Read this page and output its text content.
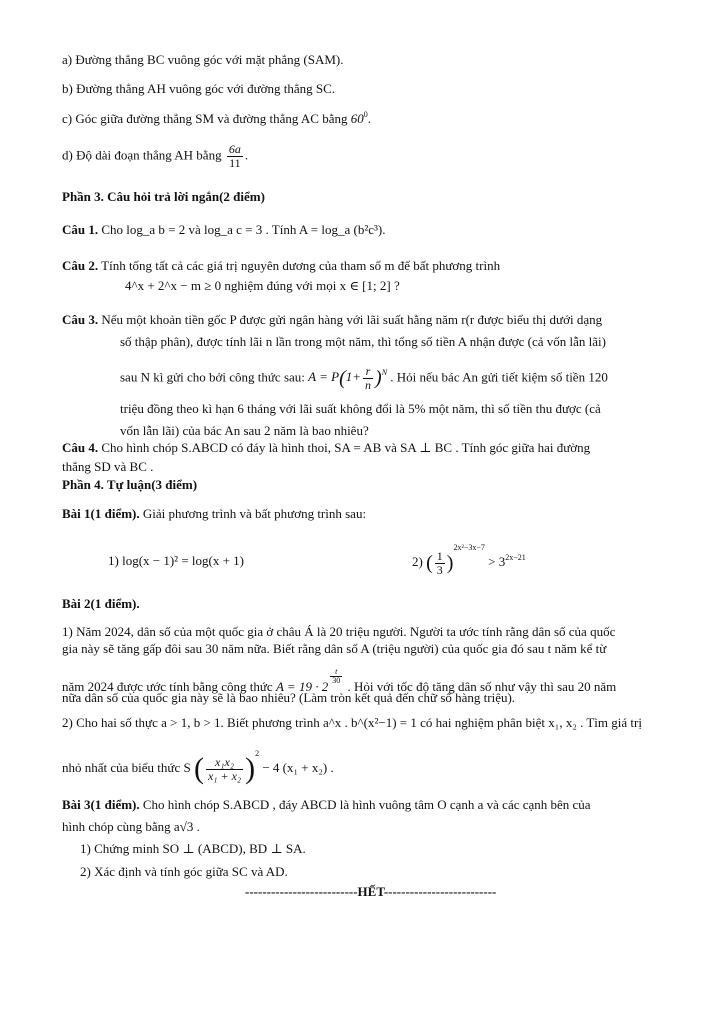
a) Đường thẳng BC vuông góc với mặt phẳng (SAM).
b) Đường thẳng AH vuông góc với đường thẳng SC.
c) Góc giữa đường thẳng SM và đường thẳng AC bằng $60^0$.
d) Độ dài đoạn thẳng AH bằng $\frac{6a}{11}$ .
Phần 3. Câu hỏi trả lời ngắn(2 điểm)
Câu 1. Cho log_a b = 2 và log_a c = 3 . Tính A = log_a (b²c³).
Câu 2. Tính tổng tất cả các giá trị nguyên dương của tham số m để bất phương trình
4^x + 2^x − m ≥ 0 nghiệm đúng với mọi x ∈ [1; 2] ?
Câu 3. Nếu một khoản tiền gốc P được gửi ngân hàng với lãi suất hằng năm r(r được biểu thị dưới dạng
số thập phân), được tính lãi n lần trong một năm, thì tổng số tiền A nhận được (cả vốn lẫn lãi)
sau N kì gửi cho bởi công thức sau: $A = P(1+ \frac{r}{n} )^N$ . Hỏi nếu bác An gửi tiết kiệm số tiền 120
triệu đồng theo kì hạn 6 tháng với lãi suất không đổi là 5% một năm, thì số tiền thu được (cả
vốn lẫn lãi) của bác An sau 2 năm là bao nhiêu?
Câu 4. Cho hình chóp S.ABCD có đáy là hình thoi, SA = AB và SA ⊥ BC . Tính góc giữa hai đường
thẳng SD và BC .
Phần 4. Tự luận(3 điểm)
Bài 1(1 điểm). Giải phương trình và bất phương trình sau:
1) log(x − 1)² = log(x + 1)	2) ( $\frac{1}{3} )^{2x^2-3x-7} > 3^{2x-21}$
Bài 2(1 điểm).
1) Năm 2024, dân số của một quốc gia ở châu Á là 20 triệu người. Người ta ước tính rằng dân số của quốc
gia này sẽ tăng gấp đôi sau 30 năm nữa. Biết rằng dân số A (triệu người) của quốc gia đó sau t năm kể từ
năm 2024 được ước tính bằng công thức A = 19 · 2
$\frac{t}{30}$
. Hỏi với tốc độ tăng dân số như vậy thì sau 20 năm
nữa dân số của quốc gia này sẽ là bao nhiêu? (Làm tròn kết quả đến chữ số hàng triệu).
2) Cho hai số thực a > 1, b > 1. Biết phương trình a^x . b^(x²−1) = 1 có hai nghiệm phân biệt x₁, x₂ . Tìm giá trị
nhỏ nhất của biểu thức S ( $\frac{\text{x₁x₂}}{\text{x₁ + x₂}} )^2 - 4$ (x₁ + x₂) .
Bài 3(1 điểm). Cho hình chóp S.ABCD , đáy ABCD là hình vuông tâm O cạnh a và các cạnh bên của
hình chóp cùng bằng a√3 .
1) Chứng minh SO ⊥ (ABCD), BD ⊥ SA.
2) Xác định và tính góc giữa SC và AD.
--------------------------HẾT--------------------------
